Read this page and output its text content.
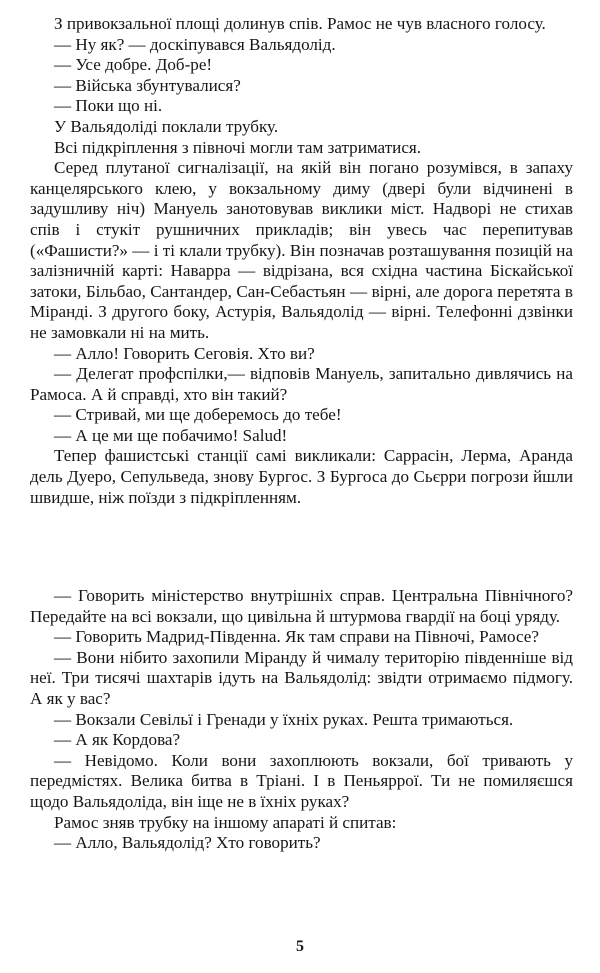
З привокзальної площі долинув спів. Рамос не чув власного голосу.

— Ну як? — доскіпувався Вальядолід.

— Усе добре. Доб-ре!

— Військa збунтувалися?

— Поки що ні.

У Вальядоліді поклали трубку.

Всі підкріплення з півночі могли там затриматися.

Серед плутаної сигналізації, на якій він погано розумівся, в запаху канцелярського клею, у вокзальному диму (двері були відчинені в задушливу ніч) Мануель занотовував виклики міст. Надворі не стихав спів і стукіт рушничних прикладів; він увесь час перепитував («Фашисти?» — і ті клали трубку). Він позначав розташування позицій на залізничній карті: Наварра — відрізана, вся східна частина Біскайської затоки, Більбао, Сантандер, Сан-Себастьян — вірні, але дорога перетята в Міранді. З другого боку, Астурія, Вальядолід — вірні. Телефонні дзвінки не замовкали ні на мить.

— Алло! Говорить Сеговія. Хто ви?

— Делегат профспілки,— відповів Мануель, запитально дивлячись на Рамоса. А й справді, хто він такий?

— Стривай, ми ще доберемось до тебе!

— А це ми ще побачимо! Salud!

Тепер фашистські станції самі викликали: Саррасін, Лерма, Аранда дель Дуеро, Сепульведа, знову Бургос. З Бургоса до Сьєрри погрози йшли швидше, ніж поїзди з підкріпленням.

— Говорить міністерство внутрішніх справ. Центральна Північного? Передайте на всі вокзали, що цивільна й штурмова гвардії на боці уряду.

— Говорить Мадрид-Південна. Як там справи на Півночі, Рамосе?

— Вони нібито захопили Міранду й чималу територію південніше від неї. Три тисячі шахтарів ідуть на Вальядолід: звідти отримаємо підмогу. А як у вас?

— Вокзали Севільї і Гренади у їхніх руках. Решта тримаються.

— А як Кордова?

— Невідомо. Коли вони захоплюють вокзали, бої тривають у передмістях. Велика битва в Тріані. І в Пеньяррої. Ти не помиляєшся щодо Вальядоліда, він іще не в їхніх руках?

Рамос зняв трубку на іншому апараті й спитав:

— Алло, Вальядолід? Хто говорить?

5
